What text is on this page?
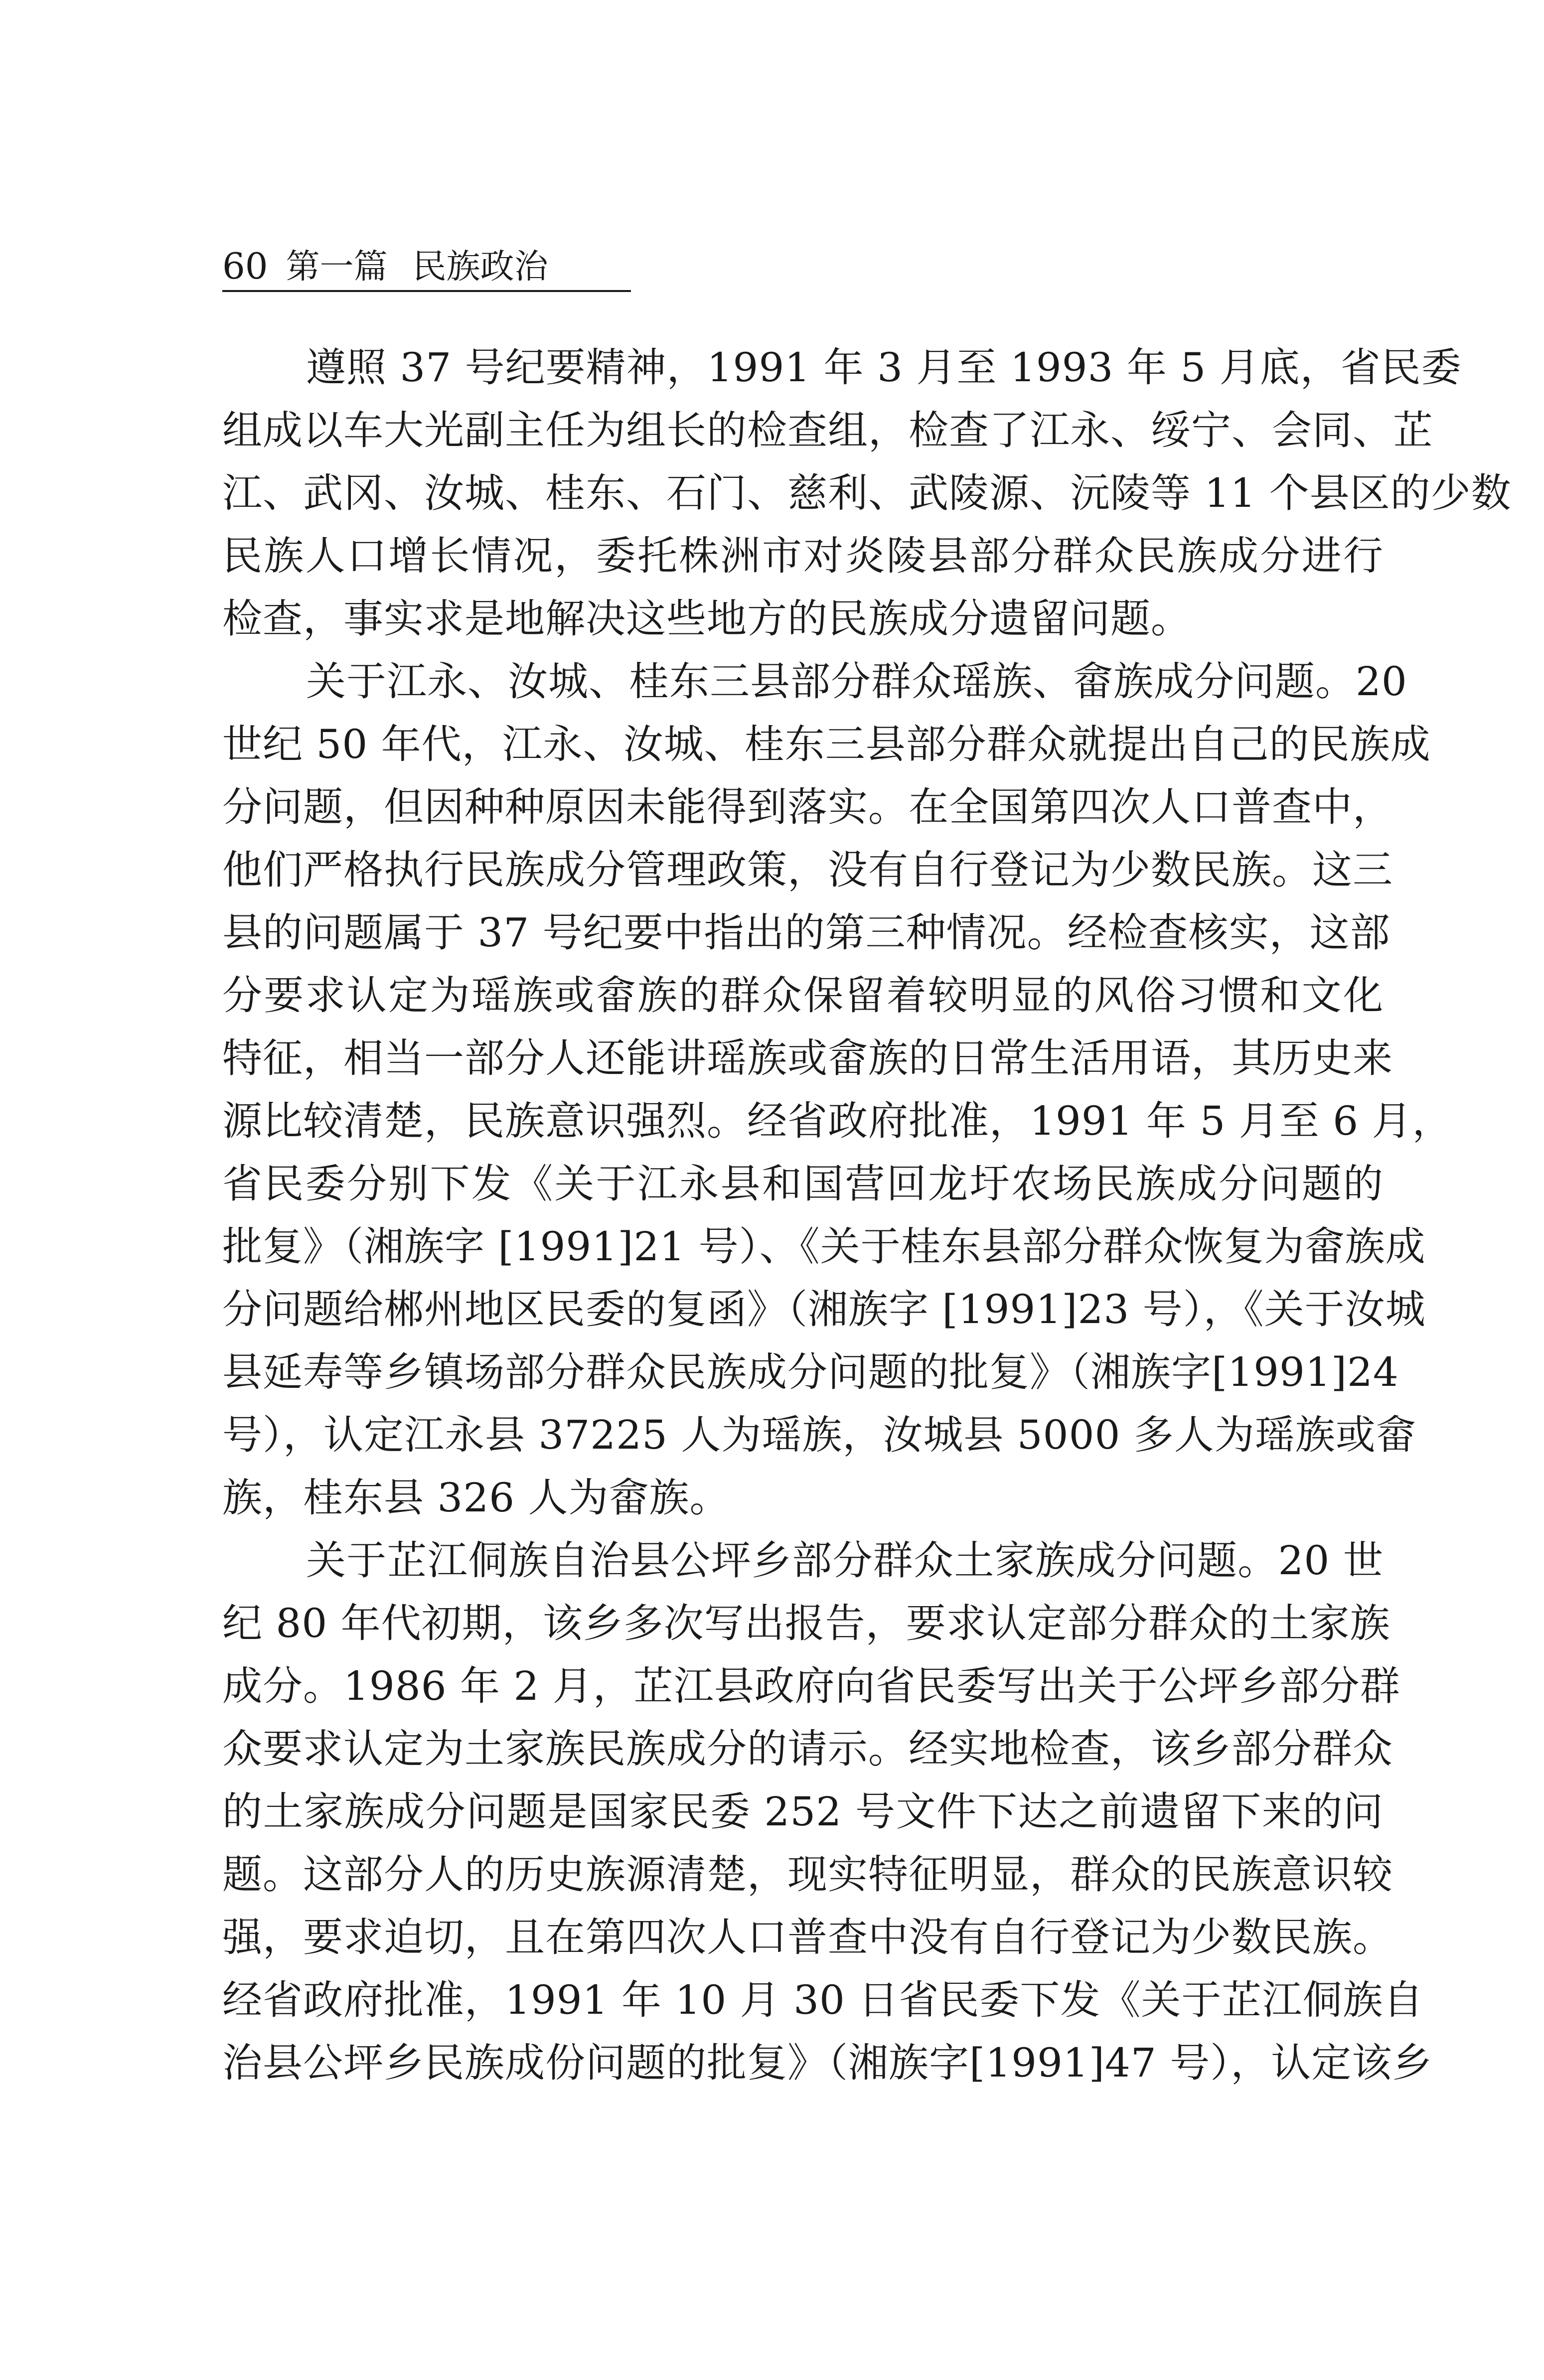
60 第一篇 民族政治
遵照 37 号纪要精神，1991 年 3 月至 1993 年 5 月底，省民委
组成以车大光副主任为组长的检查组，检查了江永、绥宁、会同、芷
江、武冈、汝城、桂东、石门、慈利、武陵源、沅陵等 11 个县区的少数
民族人口增长情况，委托株洲市对炎陵县部分群众民族成分进行
检查，事实求是地解决这些地方的民族成分遗留问题。
关于江永、汝城、桂东三县部分群众瑶族、畲族成分问题。20
世纪 50 年代，江永、汝城、桂东三县部分群众就提出自己的民族成
分问题，但因种种原因未能得到落实。在全国第四次人口普查中，
他们严格执行民族成分管理政策，没有自行登记为少数民族。这三
县的问题属于 37 号纪要中指出的第三种情况。经检查核实，这部
分要求认定为瑶族或畲族的群众保留着较明显的风俗习惯和文化
特征，相当一部分人还能讲瑶族或畲族的日常生活用语，其历史来
源比较清楚，民族意识强烈。经省政府批准，1991 年 5 月至 6 月，
省民委分别下发《关于江永县和国营回龙圩农场民族成分问题的
批复》（湘族字 [1991]21 号）、《关于桂东县部分群众恢复为畲族成
分问题给郴州地区民委的复函》（湘族字 [1991]23 号），《关于汝城
县延寿等乡镇场部分群众民族成分问题的批复》（湘族字[1991]24
号），认定江永县 37225 人为瑶族，汝城县 5000 多人为瑶族或畲
族，桂东县 326 人为畲族。
关于芷江侗族自治县公坪乡部分群众土家族成分问题。20 世
纪 80 年代初期，该乡多次写出报告，要求认定部分群众的土家族
成分。1986 年 2 月，芷江县政府向省民委写出关于公坪乡部分群
众要求认定为土家族民族成分的请示。经实地检查，该乡部分群众
的土家族成分问题是国家民委 252 号文件下达之前遗留下来的问
题。这部分人的历史族源清楚，现实特征明显，群众的民族意识较
强，要求迫切，且在第四次人口普查中没有自行登记为少数民族。
经省政府批准，1991 年 10 月 30 日省民委下发《关于芷江侗族自
治县公坪乡民族成份问题的批复》（湘族字[1991]47 号），认定该乡
